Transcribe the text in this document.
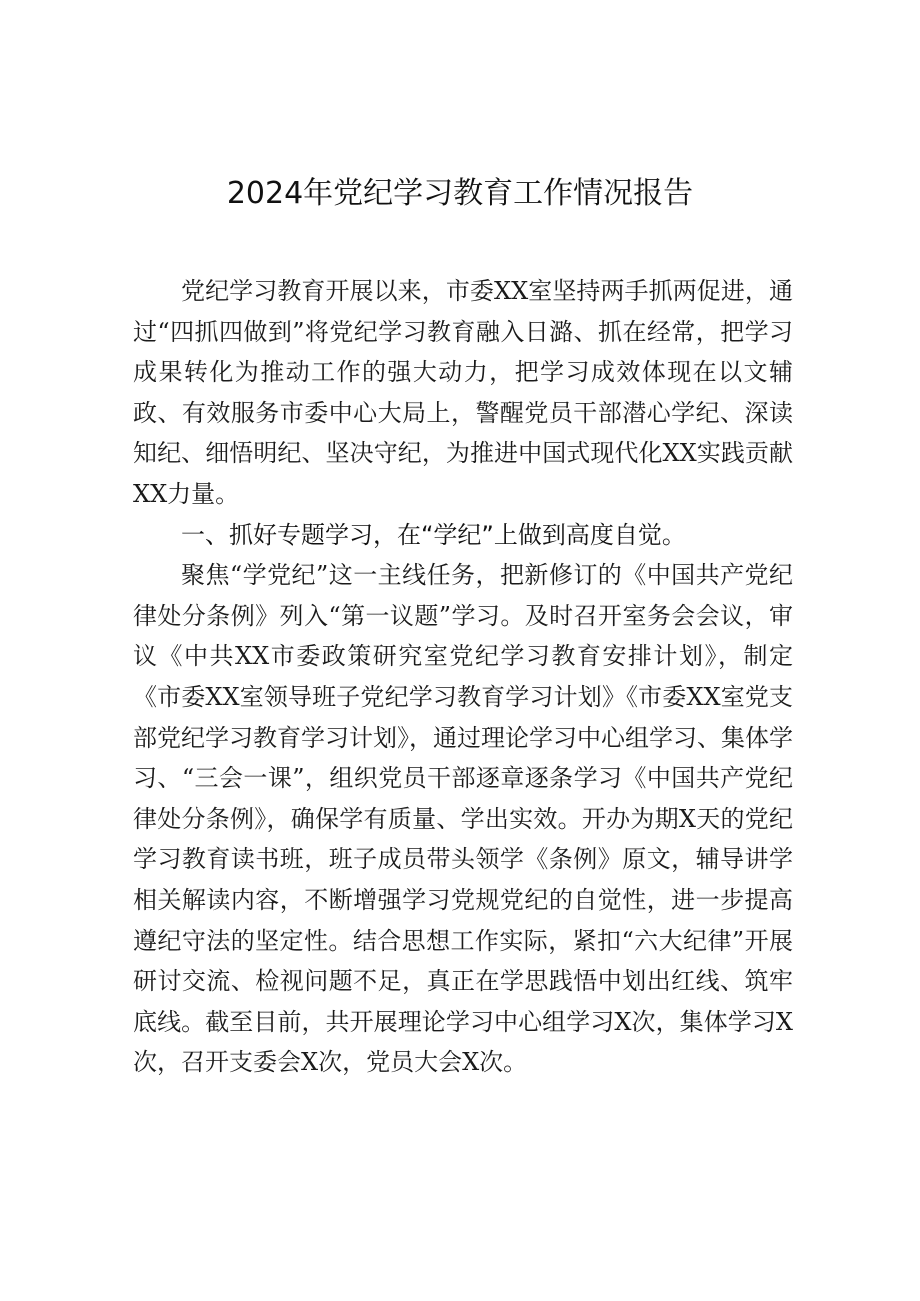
2024年党纪学习教育工作情况报告

党纪学习教育开展以来，市委XX室坚持两手抓两促进，通过“四抓四做到”将党纪学习教育融入日潞、抓在经常，把学习成果转化为推动工作的强大动力，把学习成效体现在以文辅政、有效服务市委中心大局上，警醒党员干部潜心学纪、深读知纪、细悟明纪、坚决守纪，为推进中国式现代化XX实践贡献XX力量。

一、抓好专题学习，在“学纪”上做到高度自觉。

聚焦“学党纪”这一主线任务，把新修订的《中国共产党纪律处分条例》列入“第一议题”学习。及时召开室务会会议，审议《中共XX市委政策研究室党纪学习教育安排计划》，制定《市委XX室领导班子党纪学习教育学习计划》《市委XX室党支部党纪学习教育学习计划》，通过理论学习中心组学习、集体学习、“三会一课”，组织党员干部逐章逐条学习《中国共产党纪律处分条例》，确保学有质量、学出实效。开办为期X天的党纪学习教育读书班，班子成员带头领学《条例》原文，辅导讲学相关解读内容，不断增强学习党规党纪的自觉性，进一步提高遵纪守法的坚定性。结合思想工作实际，紧扣“六大纪律”开展研讨交流、检视问题不足，真正在学思践悟中划出红线、筑牢底线。截至目前，共开展理论学习中心组学习X次，集体学习X次，召开支委会X次，党员大会X次。
